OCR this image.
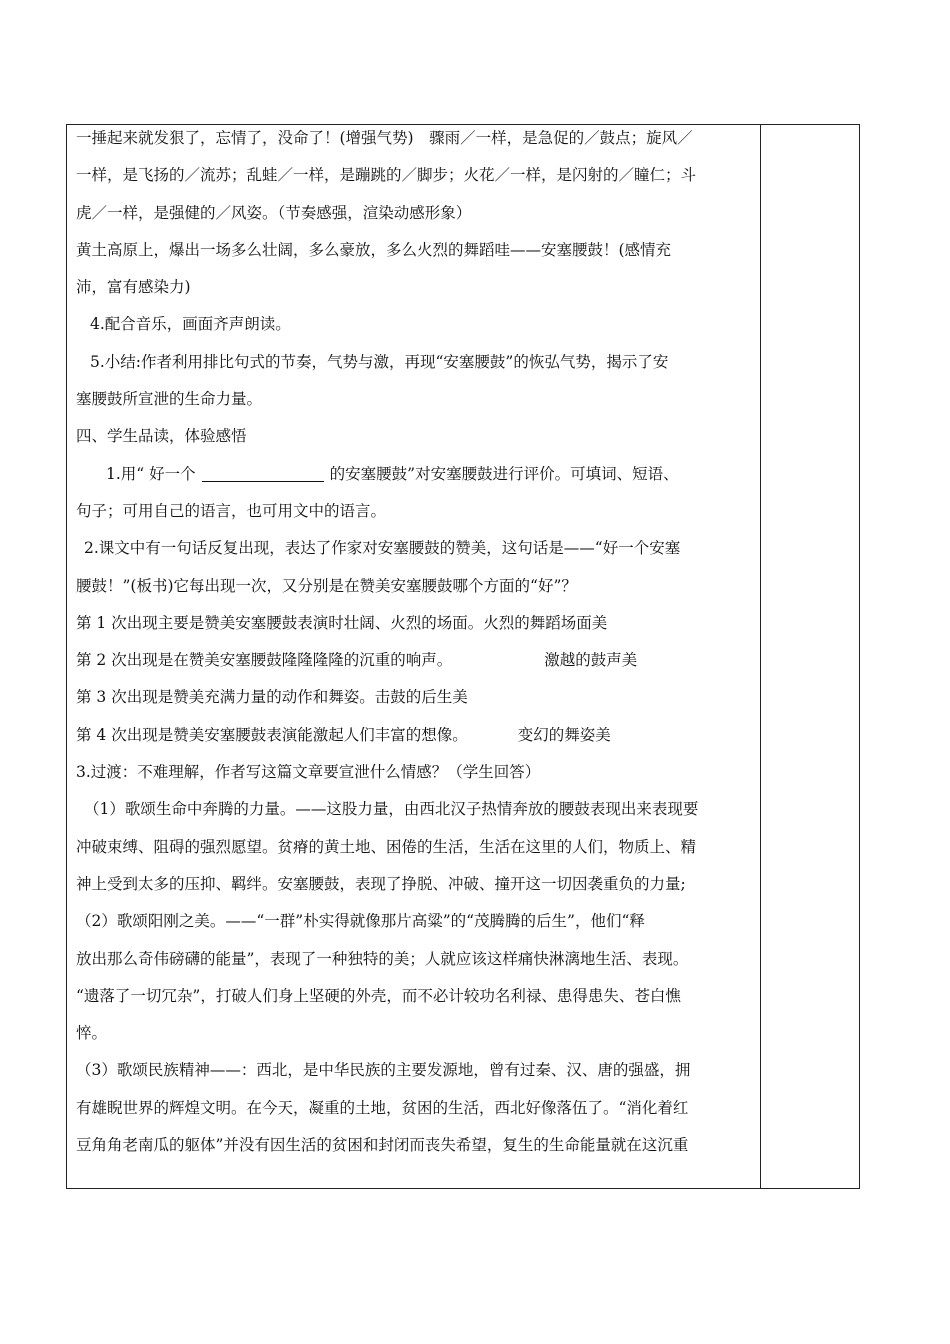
一捶起来就发狠了，忘情了，没命了！(增强气势)　骤雨／一样，是急促的／鼓点；旋风／
一样，是飞扬的／流苏；乱蛙／一样，是蹦跳的／脚步；火花／一样，是闪射的／瞳仁；斗
虎／一样，是强健的／风姿。（节奏感强，渲染动感形象）
黄土高原上，爆出一场多么壮阔，多么豪放，多么火烈的舞蹈哇——安塞腰鼓！(感情充
沛，富有感染力)
4.配合音乐，画面齐声朗读。
5.小结:作者利用排比句式的节奏，气势与激，再现“安塞腰鼓”的恢弘气势，揭示了安
塞腰鼓所宣泄的生命力量。
四、学生品读，体验感悟
1.用“ 好一个	的安塞腰鼓”对安塞腰鼓进行评价。可填词、短语、
句子；可用自己的语言，也可用文中的语言。
2.课文中有一句话反复出现，表达了作家对安塞腰鼓的赞美，这句话是——“好一个安塞
腰鼓！”(板书)它每出现一次，又分别是在赞美安塞腰鼓哪个方面的“好”？
第 1 次出现主要是赞美安塞腰鼓表演时壮阔、火烈的场面。火烈的舞蹈场面美
第 2 次出现是在赞美安塞腰鼓隆隆隆隆的沉重的响声。	激越的鼓声美
第 3 次出现是赞美充满力量的动作和舞姿。击鼓的后生美
第 4 次出现是赞美安塞腰鼓表演能激起人们丰富的想像。	变幻的舞姿美
3.过渡：不难理解，作者写这篇文章要宣泄什么情感？（学生回答）
（1）歌颂生命中奔腾的力量。——这股力量，由西北汉子热情奔放的腰鼓表现出来表现要
冲破束缚、阻碍的强烈愿望。贫瘠的黄土地、困倦的生活，生活在这里的人们，物质上、精
神上受到太多的压抑、羁绊。安塞腰鼓，表现了挣脱、冲破、撞开这一切因袭重负的力量;
（2）歌颂阳刚之美。——“一群”朴实得就像那片高粱”的“茂腾腾的后生”，他们“释
放出那么奇伟磅礴的能量”，表现了一种独特的美；人就应该这样痛快淋漓地生活、表现。
“遗落了一切冗杂”，打破人们身上坚硬的外壳，而不必计较功名利禄、患得患失、苍白憔
悴。
（3）歌颂民族精神——：西北，是中华民族的主要发源地，曾有过秦、汉、唐的强盛，拥
有雄睨世界的辉煌文明。在今天，凝重的土地，贫困的生活，西北好像落伍了。“消化着红
豆角角老南瓜的躯体”并没有因生活的贫困和封闭而丧失希望，复生的生命能量就在这沉重
